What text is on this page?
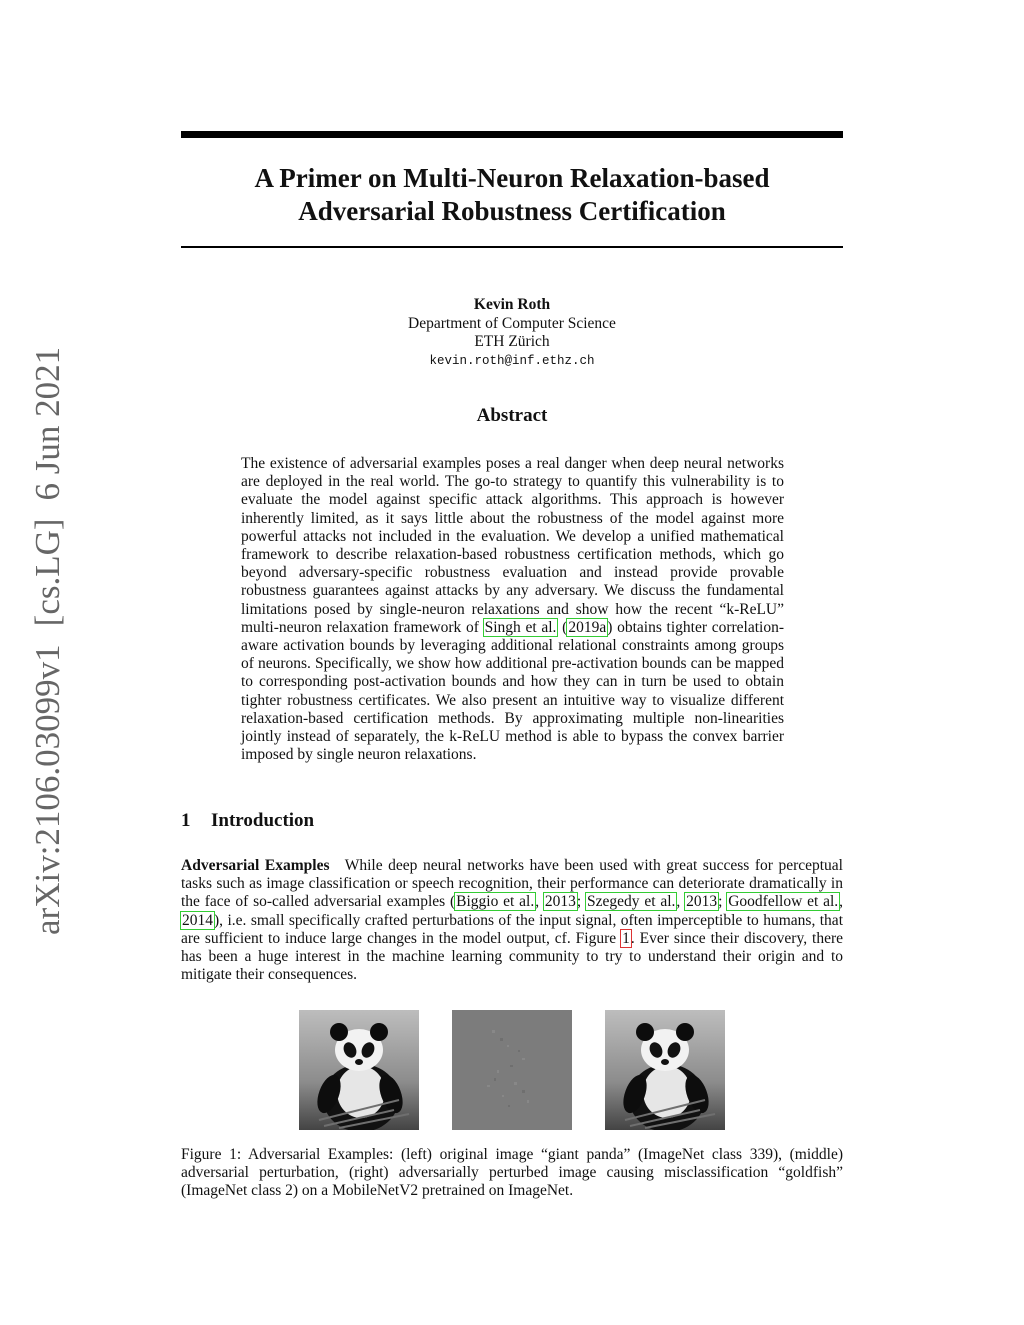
arXiv:2106.03099v1[cs.LG]6 Jun 2021
A Primer on Multi-Neuron Relaxation-based
Adversarial Robustness Certification
Kevin Roth
Department of Computer Science
ETH Zürich
kevin.roth@inf.ethz.ch
Abstract
The existence of adversarial examples poses a real danger when deep neural networks are deployed in the real world. The go-to strategy to quantify this vulnerability is to evaluate the model against specific attack algorithms. This approach is however inherently limited, as it says little about the robustness of the model against more powerful attacks not included in the evaluation. We develop a unified mathematical framework to describe relaxation-based robustness certification methods, which go beyond adversary-specific robustness evaluation and instead provide provable robustness guarantees against attacks by any adversary. We discuss the fundamental limitations posed by single-neuron relaxations and show how the recent “k-ReLU” multi-neuron relaxation framework of Singh et al. (2019a) obtains tighter correlation-aware activation bounds by leveraging additional relational constraints among groups of neurons. Specifically, we show how additional pre-activation bounds can be mapped to corresponding post-activation bounds and how they can in turn be used to obtain tighter robustness certificates. We also present an intuitive way to visualize different relaxation-based certification methods. By approximating multiple non-linearities jointly instead of separately, the k-ReLU method is able to bypass the convex barrier imposed by single neuron relaxations.
1 Introduction
Adversarial Examples While deep neural networks have been used with great success for perceptual tasks such as image classification or speech recognition, their performance can deteriorate dramatically in the face of so-called adversarial examples (Biggio et al., 2013; Szegedy et al., 2013; Goodfellow et al., 2014), i.e. small specifically crafted perturbations of the input signal, often imperceptible to humans, that are sufficient to induce large changes in the model output, cf. Figure 1. Ever since their discovery, there has been a huge interest in the machine learning community to try to understand their origin and to mitigate their consequences.
Figure 1: Adversarial Examples: (left) original image “giant panda” (ImageNet class 339), (middle) adversarial perturbation, (right) adversarially perturbed image causing misclassification “goldfish” (ImageNet class 2) on a MobileNetV2 pretrained on ImageNet.
